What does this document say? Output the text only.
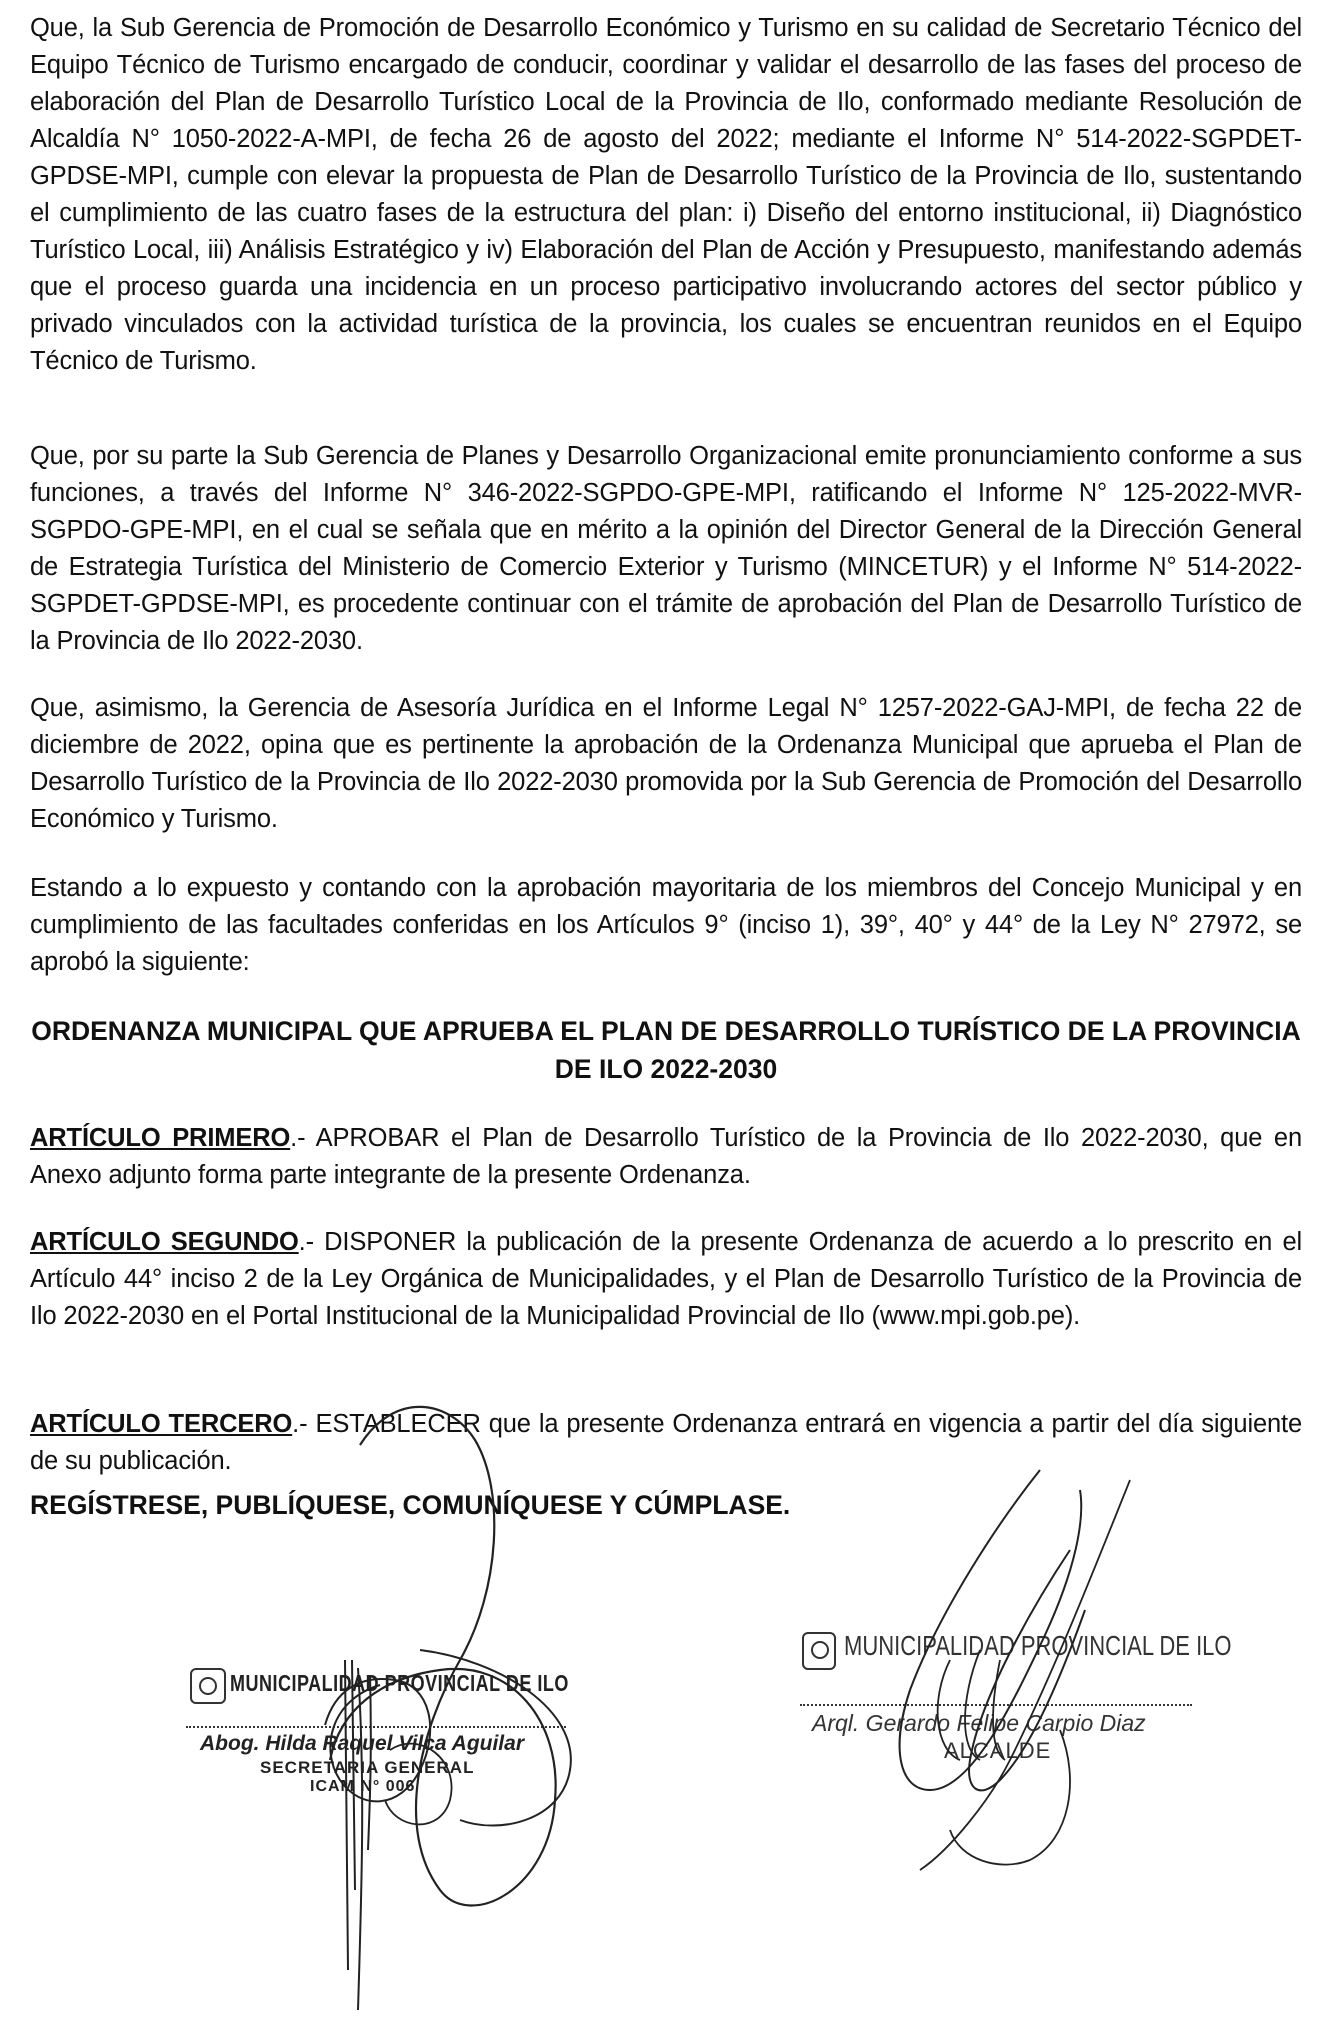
Que, la Sub Gerencia de Promoción de Desarrollo Económico y Turismo en su calidad de Secretario Técnico del Equipo Técnico de Turismo encargado de conducir, coordinar y validar el desarrollo de las fases del proceso de elaboración del Plan de Desarrollo Turístico Local de la Provincia de Ilo, conformado mediante Resolución de Alcaldía N° 1050-2022-A-MPI, de fecha 26 de agosto del 2022; mediante el Informe N° 514-2022-SGPDET-GPDSE-MPI, cumple con elevar la propuesta de Plan de Desarrollo Turístico de la Provincia de Ilo, sustentando el cumplimiento de las cuatro fases de la estructura del plan: i) Diseño del entorno institucional, ii) Diagnóstico Turístico Local, iii) Análisis Estratégico y iv) Elaboración del Plan de Acción y Presupuesto, manifestando además que el proceso guarda una incidencia en un proceso participativo involucrando actores del sector público y privado vinculados con la actividad turística de la provincia, los cuales se encuentran reunidos en el Equipo Técnico de Turismo.

Que, por su parte la Sub Gerencia de Planes y Desarrollo Organizacional emite pronunciamiento conforme a sus funciones, a través del Informe N° 346-2022-SGPDO-GPE-MPI, ratificando el Informe N° 125-2022-MVR-SGPDO-GPE-MPI, en el cual se señala que en mérito a la opinión del Director General de la Dirección General de Estrategia Turística del Ministerio de Comercio Exterior y Turismo (MINCETUR) y el Informe N° 514-2022-SGPDET-GPDSE-MPI, es procedente continuar con el trámite de aprobación del Plan de Desarrollo Turístico de la Provincia de Ilo 2022-2030.

Que, asimismo, la Gerencia de Asesoría Jurídica en el Informe Legal N° 1257-2022-GAJ-MPI, de fecha 22 de diciembre de 2022, opina que es pertinente la aprobación de la Ordenanza Municipal que aprueba el Plan de Desarrollo Turístico de la Provincia de Ilo 2022-2030 promovida por la Sub Gerencia de Promoción del Desarrollo Económico y Turismo.

Estando a lo expuesto y contando con la aprobación mayoritaria de los miembros del Concejo Municipal y en cumplimiento de las facultades conferidas en los Artículos 9° (inciso 1), 39°, 40° y 44° de la Ley N° 27972, se aprobó la siguiente:

ORDENANZA MUNICIPAL QUE APRUEBA EL PLAN DE DESARROLLO TURÍSTICO DE LA PROVINCIA DE ILO 2022-2030

ARTÍCULO PRIMERO.- APROBAR el Plan de Desarrollo Turístico de la Provincia de Ilo 2022-2030, que en Anexo adjunto forma parte integrante de la presente Ordenanza.

ARTÍCULO SEGUNDO.- DISPONER la publicación de la presente Ordenanza de acuerdo a lo prescrito en el Artículo 44° inciso 2 de la Ley Orgánica de Municipalidades, y el Plan de Desarrollo Turístico de la Provincia de Ilo 2022-2030 en el Portal Institucional de la Municipalidad Provincial de Ilo (www.mpi.gob.pe).

ARTÍCULO TERCERO.- ESTABLECER que la presente Ordenanza entrará en vigencia a partir del día siguiente de su publicación.

REGÍSTRESE, PUBLÍQUESE, COMUNÍQUESE Y CÚMPLASE.

MUNICIPALIDAD PROVINCIAL DE ILO
Abog. Hilda Raquel Vilca Aguilar
SECRETARIA GENERAL
ICAM N° 006
MUNICIPALIDAD PROVINCIAL DE ILO
Arql. Gerardo Felipe Carpio Diaz
ALCALDE
